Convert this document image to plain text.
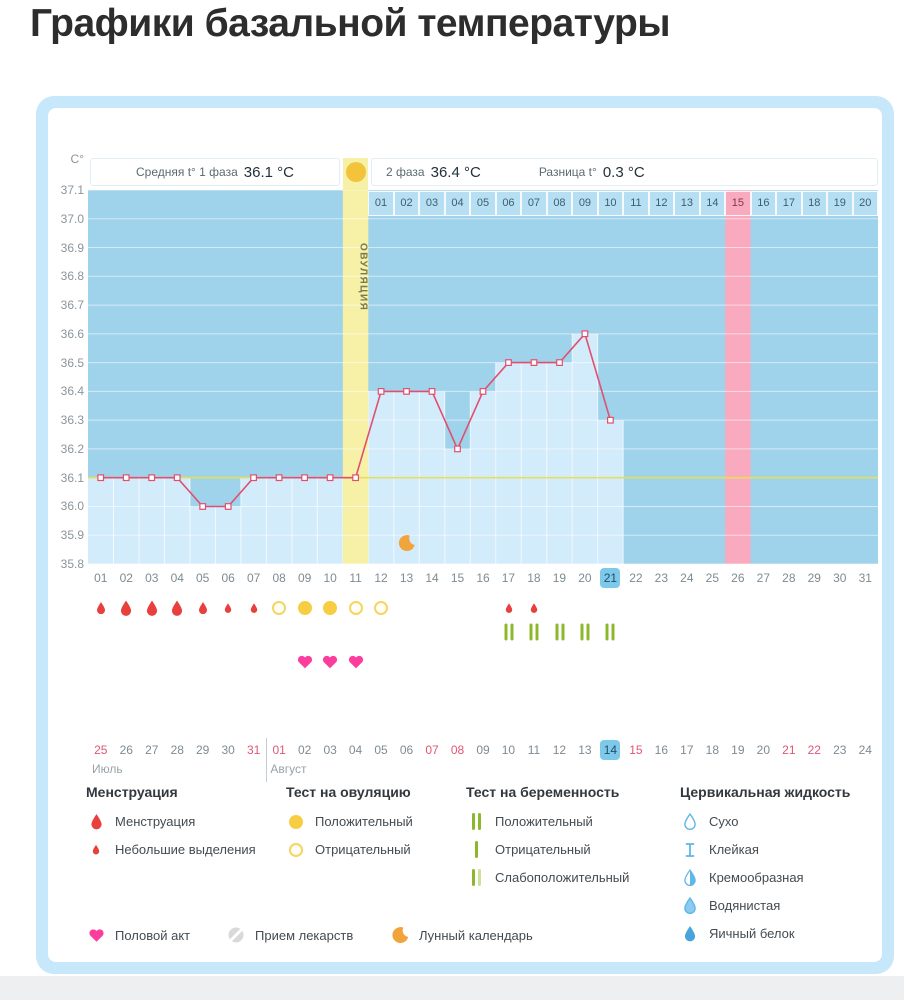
Графики базальной температуры
C°
37.1
37.0
36.9
36.8
36.7
36.6
36.5
36.4
36.3
36.2
36.1
36.0
35.9
35.8
Средняя t° 1 фаза 36.1 °C	2 фаза 36.4 °C	Разница t° 0.3 °C
ОВУЛЯЦИЯ
01	02	03	04	05	06	07	08	09	10	11	12	13	14	15	16	17	18	19	20
01	02	03	04	05	06	07	08	09	10	11	12	13	14	15	16	17	18	19	20	21	22	23	24	25	26	27	28	29	30	31
25	26	27	28	29	30	31	01	02	03	04	05	06	07	08	09	10	11	12	13	14	15	16	17	18	19	20	21	22	23	24
Июль	Август
Менструация
Менструация
Небольшие выделения
Тест на овуляцию
Положительный
Отрицательный
Тест на беременность
Положительный
Отрицательный
Слабоположительный
Цервикальная жидкость
Сухо
Клейкая
Кремообразная
Водянистая
Яичный белок
Половой акт	Прием лекарств	Лунный календарь
